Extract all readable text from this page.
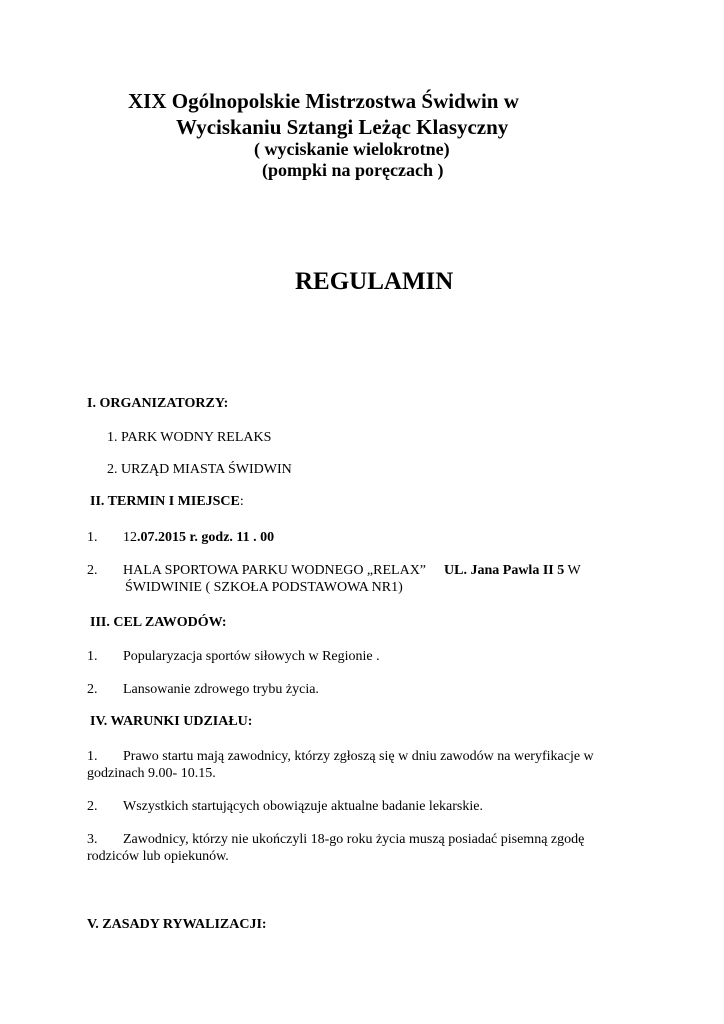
XIX Ogólnopolskie Mistrzostwa Świdwin w
Wyciskaniu Sztangi Leżąc Klasyczny
( wyciskanie wielokrotne)
(pompki na poręczach )
REGULAMIN
I. ORGANIZATORZY:
1. PARK WODNY RELAKS
2. URZĄD MIASTA ŚWIDWIN
II. TERMIN I MIEJSCE:
1. 12.07.2015 r. godz. 11 . 00
2. HALA SPORTOWA PARKU WODNEGO „RELAX” UL. Jana Pawla II 5 W
ŚWIDWINIE ( SZKOŁA PODSTAWOWA NR1)
III. CEL ZAWODÓW:
1. Popularyzacja sportów siłowych w Regionie .
2. Lansowanie zdrowego trybu życia.
IV. WARUNKI UDZIAŁU:
1. Prawo startu mają zawodnicy, którzy zgłoszą się w dniu zawodów na weryfikacje w
godzinach 9.00- 10.15.
2. Wszystkich startujących obowiązuje aktualne badanie lekarskie.
3. Zawodnicy, którzy nie ukończyli 18-go roku życia muszą posiadać pisemną zgodę
rodziców lub opiekunów.
V. ZASADY RYWALIZACJI:
